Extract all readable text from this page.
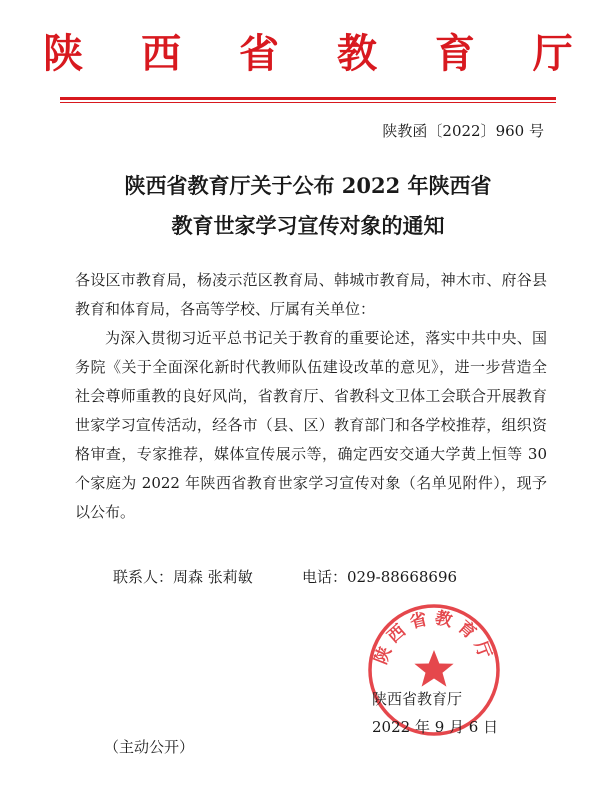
陕 西 省 教 育 厅
陕教函〔2022〕960 号
陕西省教育厅关于公布 2022 年陕西省
教育世家学习宣传对象的通知
各设区市教育局，杨凌示范区教育局、韩城市教育局，神木市、府谷县教育和体育局，各高等学校、厅属有关单位：
为深入贯彻习近平总书记关于教育的重要论述，落实中共中央、国务院《关于全面深化新时代教师队伍建设改革的意见》，进一步营造全社会尊师重教的良好风尚，省教育厅、省教科文卫体工会联合开展教育世家学习宣传活动，经各市（县、区）教育部门和各学校推荐，组织资格审查，专家推荐，媒体宣传展示等，确定西安交通大学黄上恒等 30 个家庭为 2022 年陕西省教育世家学习宣传对象（名单见附件），现予以公布。
联系人：周森 张莉敏	电话：029-88668696
陕西省教育厅
陕西省教育厅
2022 年 9 月 6 日
（主动公开）
